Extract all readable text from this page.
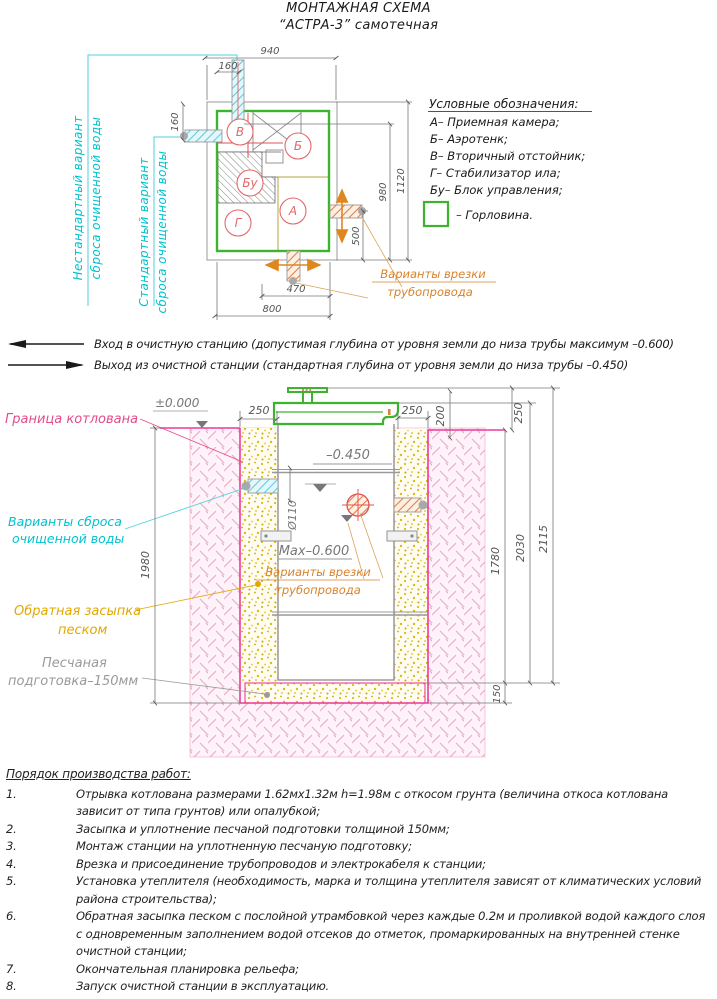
МОНТАЖНАЯ СХЕМА
“АСТРА-3” самотечная
Нестандартный вариант сброса очищенной воды	Стандартный вариант сброса очищенной воды
В
Б
Бу
А
Г
940
160
160
1120
980
500
470
800
Условные обозначения:
А– Приемная камера;
Б– Аэротенк;
В– Вторичный отстойник;
Г– Стабилизатор ила;
Бу– Блок управления;
– Горловина.
Варианты врезки
трубопровода
Вход в очистную станцию (допустимая глубина от уровня земли до низа трубы максимум –0.600)
Выход из очистной станции (стандартная глубина от уровня земли до низа трубы –0.450)
Граница котлована
±0.000
Варианты сброса
очищенной воды
Обратная засыпка
песком
Песчаная
подготовка–150мм
–0.450
Max–0.600
Ø110
Варианты врезки
трубопровода
250	250 200	250
1980	1780 2030 2115
150
Порядок производства работ:
1.	Отрывка котлована размерами 1.62мх1.32м h=1.98м с откосом грунта (величина откоса котлована зависит от типа грунтов) или опалубкой;
2.	Засыпка и уплотнение песчаной подготовки толщиной 150мм;
3.	Монтаж станции на уплотненную песчаную подготовку;
4.	Врезка и присоединение трубопроводов и электрокабеля к станции;
5.	Установка утеплителя (необходимость, марка и толщина утеплителя зависят от климатических условий района строительства);
6.	Обратная засыпка песком с послойной утрамбовкой через каждые 0.2м и проливкой водой каждого слоя с одновременным заполнением водой отсеков до отметок, промаркированных на внутренней стенке очистной станции;
7.	Окончательная планировка рельефа;
8.	Запуск очистной станции в эксплуатацию.
